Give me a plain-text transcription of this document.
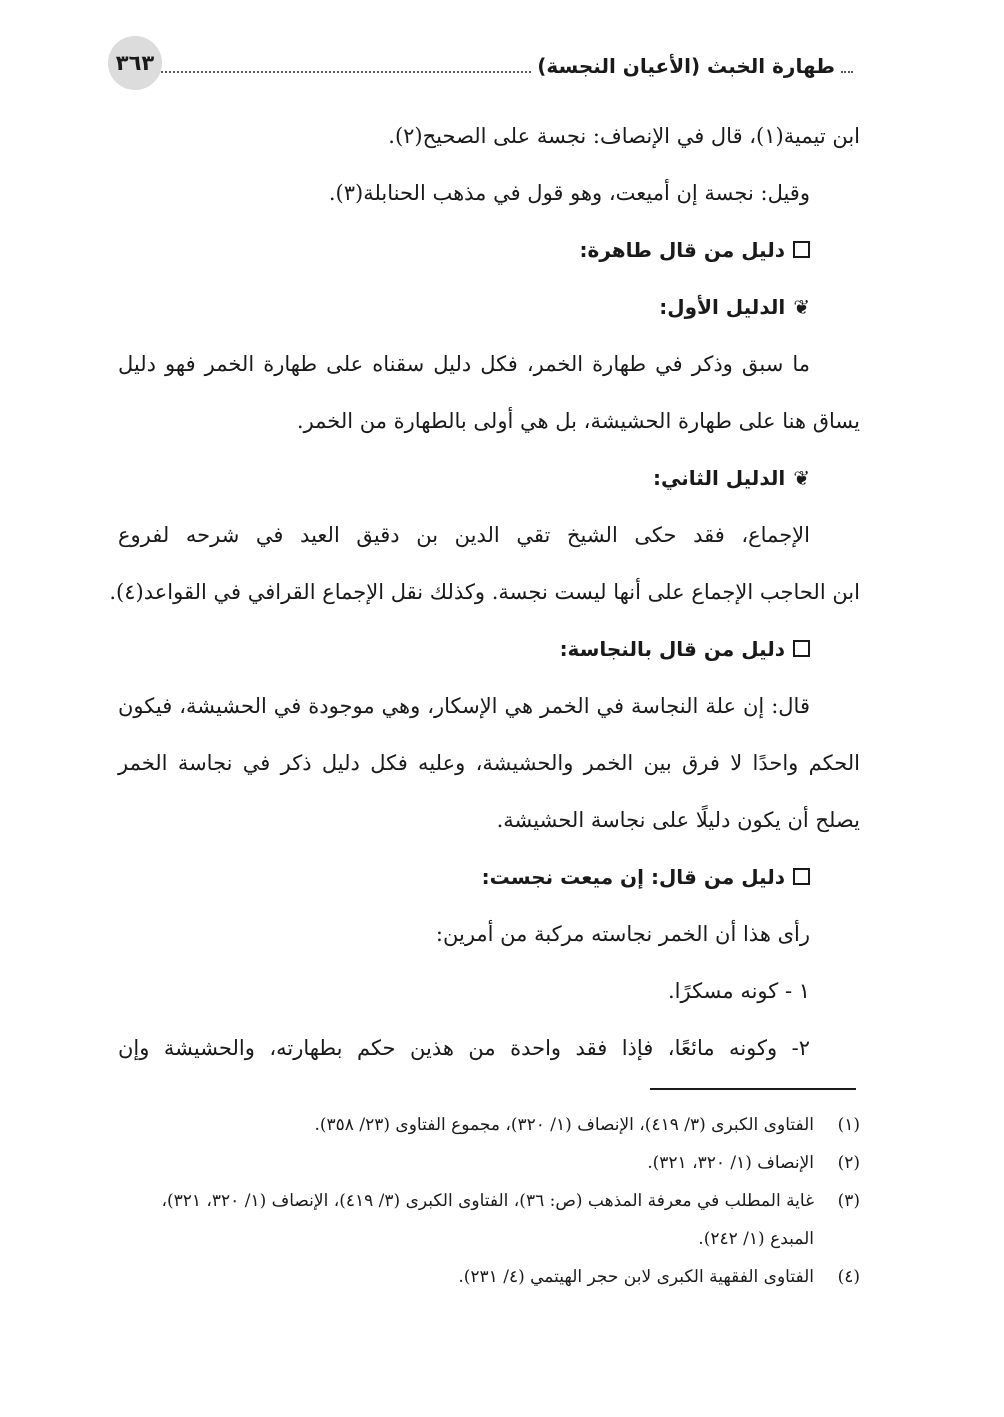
طهارة الخبث (الأعيان النجسة)
٣٦٣
ابن تيمية(١)، قال في الإنصاف: نجسة على الصحيح(٢).
وقيل: نجسة إن أميعت، وهو قول في مذهب الحنابلة(٣).
دليل من قال طاهرة:
❦الدليل الأول:
ما سبق وذكر في طهارة الخمر، فكل دليل سقناه على طهارة الخمر فهو دليل
يساق هنا على طهارة الحشيشة، بل هي أولى بالطهارة من الخمر.
❦الدليل الثاني:
الإجماع، فقد حكى الشيخ تقي الدين بن دقيق العيد في شرحه لفروع
ابن الحاجب الإجماع على أنها ليست نجسة. وكذلك نقل الإجماع القرافي في القواعد(٤).
دليل من قال بالنجاسة:
قال: إن علة النجاسة في الخمر هي الإسكار، وهي موجودة في الحشيشة، فيكون
الحكم واحدًا لا فرق بين الخمر والحشيشة، وعليه فكل دليل ذكر في نجاسة الخمر
يصلح أن يكون دليلًا على نجاسة الحشيشة.
دليل من قال: إن ميعت نجست:
رأى هذا أن الخمر نجاسته مركبة من أمرين:
١ - كونه مسكرًا.
٢- وكونه مائعًا، فإذا فقد واحدة من هذين حكم بطهارته، والحشيشة وإن
(١)
الفتاوى الكبرى (٣/ ٤١٩)، الإنصاف (١/ ٣٢٠)، مجموع الفتاوى (٢٣/ ٣٥٨).
(٢)
الإنصاف (١/ ٣٢٠، ٣٢١).
(٣)
غاية المطلب في معرفة المذهب (ص: ٣٦)، الفتاوى الكبرى (٣/ ٤١٩)، الإنصاف (١/ ٣٢٠، ٣٢١)، المبدع (١/ ٢٤٢).
(٤)
الفتاوى الفقهية الكبرى لابن حجر الهيتمي (٤/ ٢٣١).
